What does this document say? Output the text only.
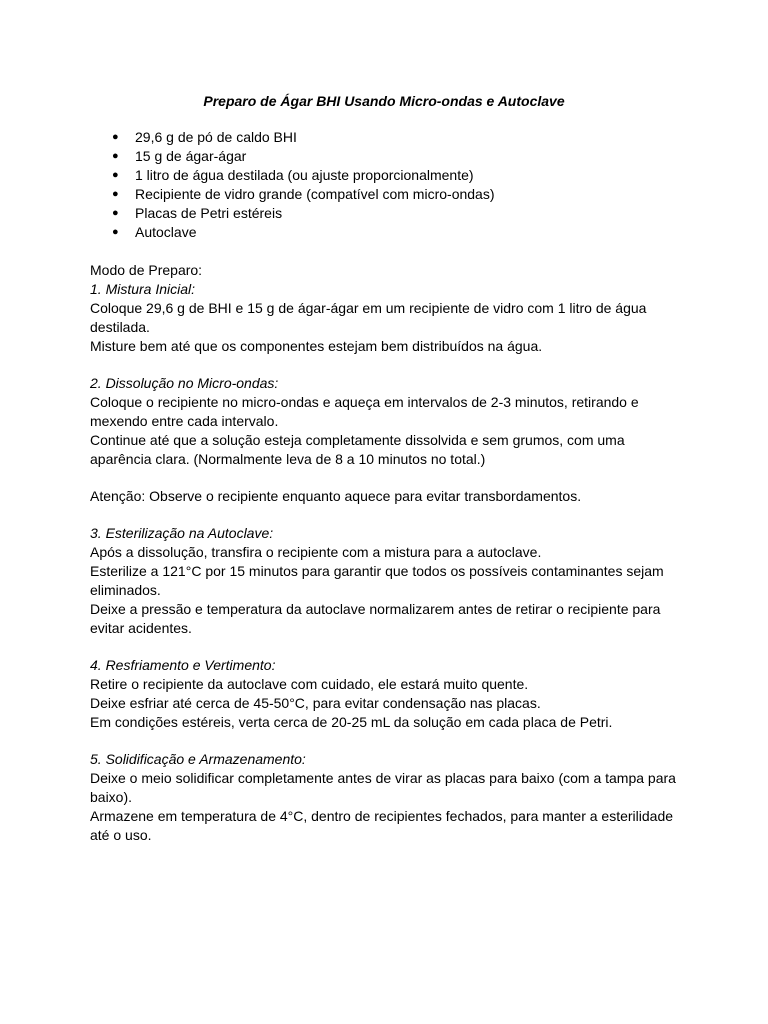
Preparo de Ágar BHI Usando Micro-ondas e Autoclave
● 29,6 g de pó de caldo BHI
● 15 g de ágar-ágar
● 1 litro de água destilada (ou ajuste proporcionalmente)
● Recipiente de vidro grande (compatível com micro-ondas)
● Placas de Petri estéreis
● Autoclave
Modo de Preparo:
1. Mistura Inicial:
Coloque 29,6 g de BHI e 15 g de ágar-ágar em um recipiente de vidro com 1 litro de água
destilada.
Misture bem até que os componentes estejam bem distribuídos na água.
2. Dissolução no Micro-ondas:
Coloque o recipiente no micro-ondas e aqueça em intervalos de 2-3 minutos, retirando e
mexendo entre cada intervalo.
Continue até que a solução esteja completamente dissolvida e sem grumos, com uma
aparência clara. (Normalmente leva de 8 a 10 minutos no total.)
Atenção: Observe o recipiente enquanto aquece para evitar transbordamentos.
3. Esterilização na Autoclave:
Após a dissolução, transfira o recipiente com a mistura para a autoclave.
Esterilize a 121°C por 15 minutos para garantir que todos os possíveis contaminantes sejam
eliminados.
Deixe a pressão e temperatura da autoclave normalizarem antes de retirar o recipiente para
evitar acidentes.
4. Resfriamento e Vertimento:
Retire o recipiente da autoclave com cuidado, ele estará muito quente.
Deixe esfriar até cerca de 45-50°C, para evitar condensação nas placas.
Em condições estéreis, verta cerca de 20-25 mL da solução em cada placa de Petri.
5. Solidificação e Armazenamento:
Deixe o meio solidificar completamente antes de virar as placas para baixo (com a tampa para
baixo).
Armazene em temperatura de 4°C, dentro de recipientes fechados, para manter a esterilidade
até o uso.
